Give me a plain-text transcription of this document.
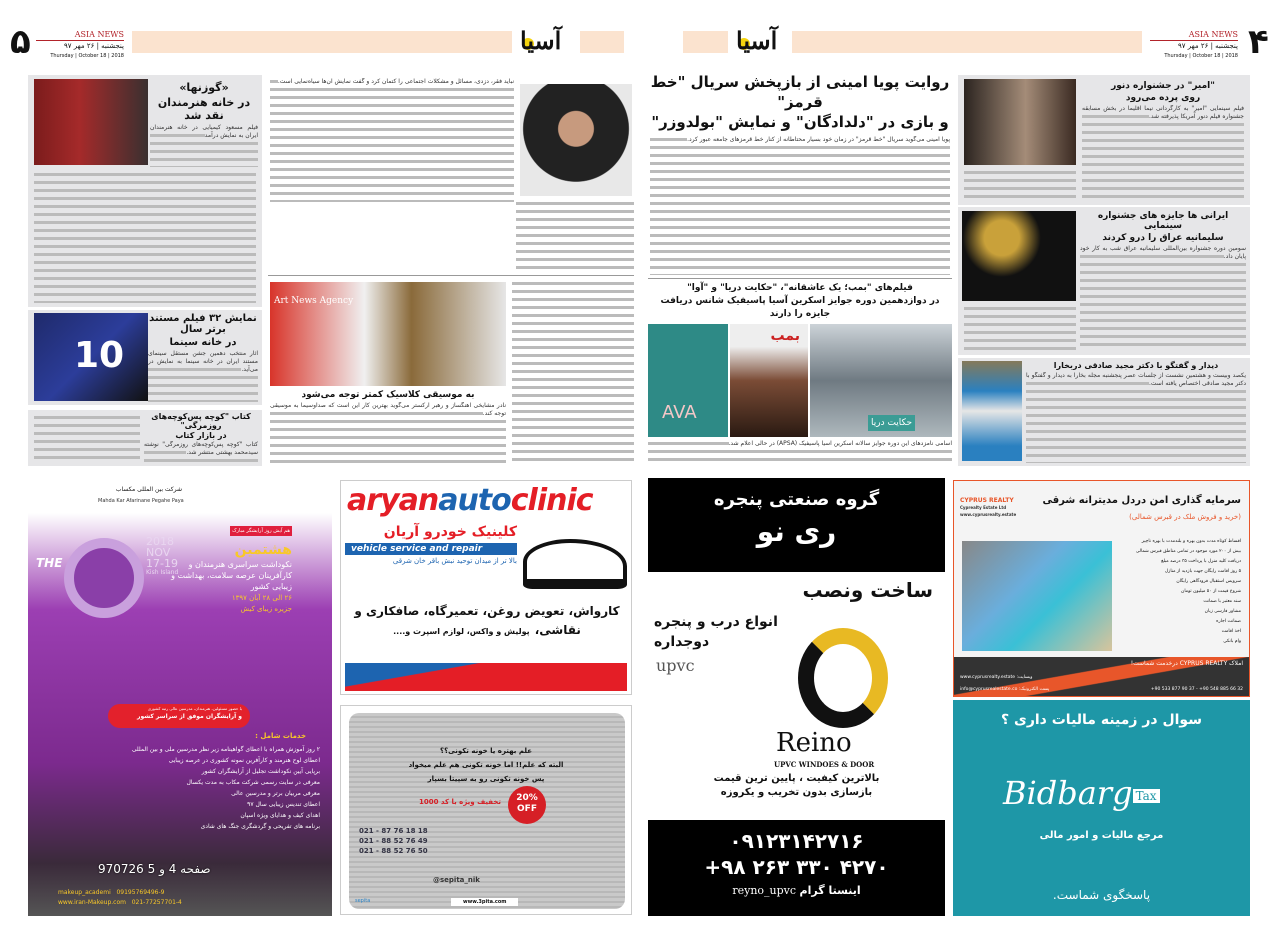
۵	ASIA NEWS
پنجشنبه | ۲۶ مهر ۹۷
Thursday | October 18 | 2018
آسیا	آسیا	ASIA NEWS
پنجشنبه | ۲۶ مهر ۹۷
Thursday | October 18 | 2018 ۴
«گوزنها»
در خانه هنرمندان نقد شد
فیلم مسعود کیمیایی در خانه هنرمندان ایران به نمایش درآمد
10
نمایش ۳۲ فیلم مستند برتر سال
در خانه سینما
آثار منتخب دهمین جشن مستقل سینمای مستند ایران در خانه سینما به نمایش در می‌آید.
کتاب "کوچه پس‌کوچه‌های روزمرگی"
در بازار کتاب
کتاب "کوچه پس‌کوچه‌های روزمرگی" نوشته سیدمحمد بهشتی منتشر شد.
نباید فقر، دزدی، مسائل و مشکلات اجتماعی را کتمان کرد و گفت نمایش آن‌ها سیاه‌نمایی است.
Art News Agency
به موسیقی کلاسیک کمتر توجه می‌شود
نادر مشایخی آهنگساز و رهبر ارکستر می‌گوید بهترین کار این است که صداوسیما به موسیقی توجه کند.
روایت پویا امینی از بازپخش سریال "خط قرمز"
و بازی در "دلدادگان" و نمایش "بولدوزر"
پویا امینی می‌گوید سریال "خط قرمز" در زمان خود بسیار محتاطانه از کنار خط قرمزهای جامعه عبور کرد.
فیلم‌های "بمب؛ یک عاشقانه"، "حکایت دریا" و "آوا"
در دوازدهمین دوره جوایز اسکرین آسیا پاسیفیک شانس دریافت جایزه را دارند
AVA
بمب
حکایت دریا
اسامی نامزدهای این دوره جوایز سالانه اسکرین آسیا پاسیفیک (APSA) در حالی اعلام شد.
"امیر" در جشنواره دنور
روی پرده می‌رود
فیلم سینمایی "امیر" به کارگردانی نیما اقلیما در بخش مسابقه جشنواره فیلم دنور آمریکا پذیرفته شد.
ایرانی ها جایزه های جشنواره سینمایی
سلیمانیه عراق را درو کردند
سومین دوره جشنواره بین‌المللی سلیمانیه عراق شب به کار خود پایان داد.
دیدار و گفتگو با دکتر مجید صادقی دربخارا
یکصد وبیست و هشتمین نشست از جلسات عصر پنجشنبه مجله بخارا به دیدار و گفتگو با دکتر مجید صادقی اختصاص یافته است.
شرکت بین المللی مکساب
Mahda Kar Afarinane Pegahe Paya
THE
2018
NOV
17-19
Kish Island
هم آیش روز آرایشگر مبارک
هشتمین
نکوداشت سراسری هنرمندان و کارآفرینان عرصه سلامت، بهداشت و زیبایی کشور
۲۶ الی ۲۸ آبان ۱۳۹۷
جزیره زیبای کیش
با حضور مسئولین، هنرمندان، مدرسین عالی رتبه کشوری
و آرایشگران موفق از سراسر کشور
خدمات شامل :
۲ روز آموزش همراه با اعطای گواهینامه زیر نظر مدرسین ملی و بین المللی
اعطای لوح هنرمند و کارآفرین نمونه کشوری در عرصه زیبایی
برپایی آیین نکوداشت تجلیل از آرایشگران کشور
معرفی در سایت رسمی شرکت مکاب به مدت یکسال
معرفی مربیان برتر و مدرسین عالی
اعطای تندیس زیبایی سال ۹۷
اهدای کیف و هدایای ویژه اسپان
برنامه های تفریحی و گردشگری جنگ های شادی
970726 صفحه 4 و 5
makeup_academi 09195769496-9
www.iran-Makeup.com 021-77257701-4
aryanautoclinic
کلینیک خودرو آریان
vehicle service and repair
بالا تر از میدان توحید نبش باقر خان شرقی
کارواش، تعویض روغن، تعمیرگاه، صافکاری و
نقاشی، پولیش و واکس، لوازم اسپرت و....
علم بهتره یا خونه تکونی؟؟
البته که علم!! اما خونه تکونی هم علم میخواد
پس خونه تکونی رو به سپیتا بسپار
تخفیف ویژه با کد 1000	20%
OFF
021 - 87 76 18 18
021 - 88 52 76 49
021 - 88 52 76 50
@sepita_nik
sepita	www.3pita.com
گروه صنعتی پنجره
ری نو
ساخت ونصب
انواع درب و پنجره
دوجداره
upvc
Reino
UPVC WINDOES & DOOR
بالاترین کیفیت ، پایین ترین قیمت
بازسازی بدون تخریب و یکروزه
۰۹۱۲۳۱۴۲۷۱۶
+۹۸ ۲۶۳ ۳۳۰ ۴۲۷۰
reyno_upvc اینستا گرام
CYPRUS REALTY
Cyprealty Estate Ltd
www.cyprusrealty.estate
سرمایه گذاری امن دردل مدیترانه شرقی
(خرید و فروش ملک در قبرس شمالی)
اقساط کوتاه مدت بدون بهره و بلندمدت با بهره ناچیز
بیش از ۲۰۰ مورد موجود در تمامی مناطق قبرس شمالی
دریافت کلید منزل با پرداخت ۳۵ درصد مبلغ
۵ روز اقامت رایگان جهت بازدید از منازل
سرویس استقبال فرودگاهی رایگان
شروع قیمت از ۵۰ میلیون تومان
سند معتبر با ضمانت
مشاور فارسی زبان
ضمانت اجاره
اخذ اقامت
وام بانکی
املاک CYPRUS REALTY درخدمت شماست!
www.cyprusrealty.estate :وبسایت
info@cyprusrealestate.co :پست الکترونیک	+90 533 877 90 37 - +90 548 885 66 32
سوال در زمینه مالیات داری ؟
Bidbarg Tax
مرجع مالیات و امور مالی
پاسخگوی شماست.
